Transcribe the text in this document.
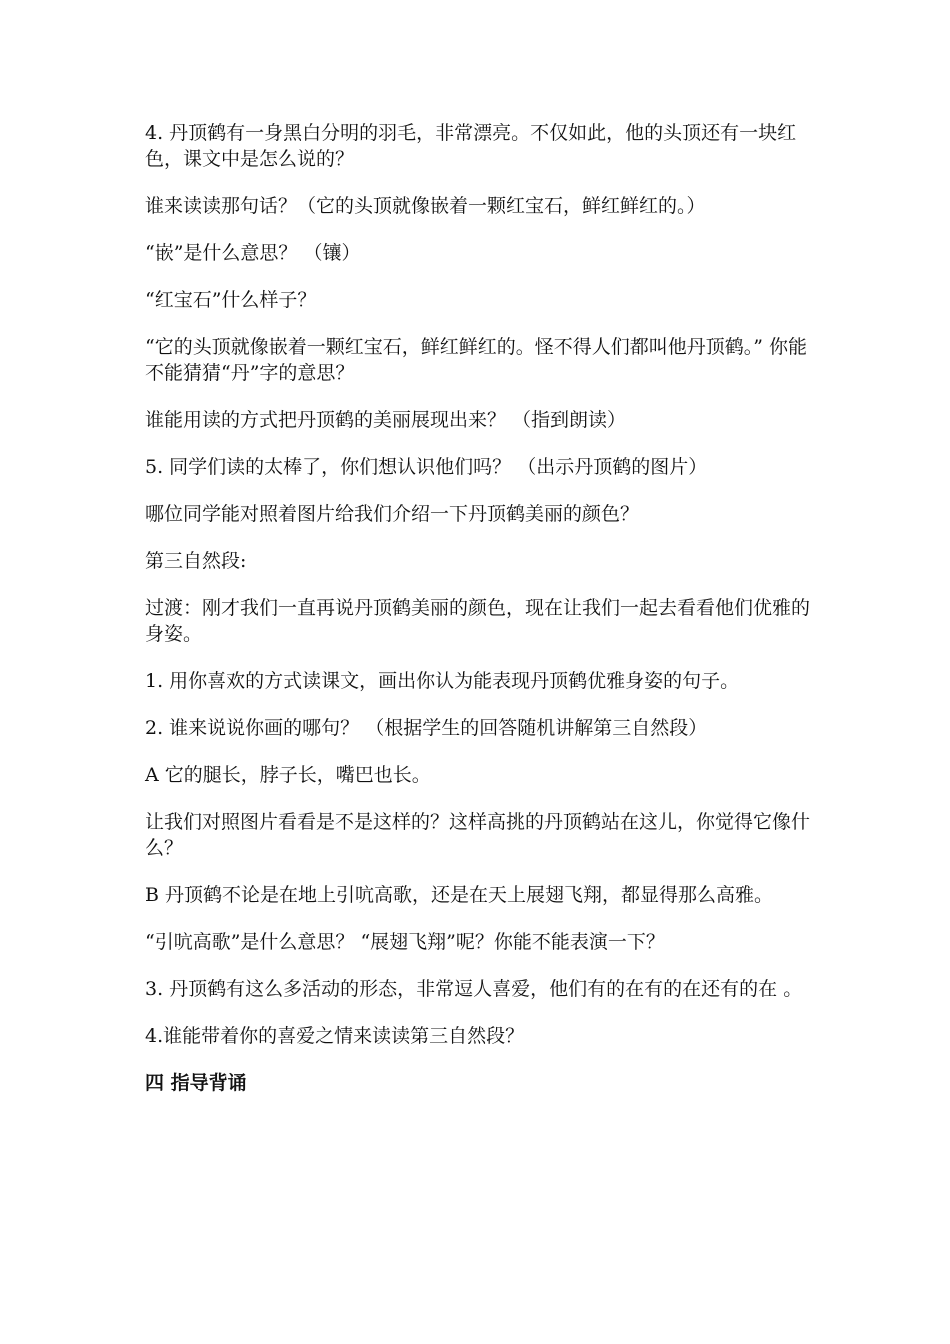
4. 丹顶鹤有一身黑白分明的羽毛，非常漂亮。不仅如此，他的头顶还有一块红色，课文中是怎么说的？

谁来读读那句话？（它的头顶就像嵌着一颗红宝石，鲜红鲜红的。）

“嵌”是什么意思？ （镶）

“红宝石”什么样子？

“它的头顶就像嵌着一颗红宝石，鲜红鲜红的。怪不得人们都叫他丹顶鹤。” 你能不能猜猜“丹”字的意思？

谁能用读的方式把丹顶鹤的美丽展现出来？ （指到朗读）

5. 同学们读的太棒了，你们想认识他们吗？ （出示丹顶鹤的图片）

哪位同学能对照着图片给我们介绍一下丹顶鹤美丽的颜色？

第三自然段:

过渡：刚才我们一直再说丹顶鹤美丽的颜色，现在让我们一起去看看他们优雅的身姿。

1. 用你喜欢的方式读课文，画出你认为能表现丹顶鹤优雅身姿的句子。

2. 谁来说说你画的哪句？ （根据学生的回答随机讲解第三自然段）

A 它的腿长，脖子长，嘴巴也长。

让我们对照图片看看是不是这样的？这样高挑的丹顶鹤站在这儿，你觉得它像什么？

B 丹顶鹤不论是在地上引吭高歌，还是在天上展翅飞翔，都显得那么高雅。

“引吭高歌”是什么意思？ “展翅飞翔”呢？你能不能表演一下？

3. 丹顶鹤有这么多活动的形态，非常逗人喜爱，他们有的在有的在还有的在 。

4.谁能带着你的喜爱之情来读读第三自然段？

四 指导背诵
